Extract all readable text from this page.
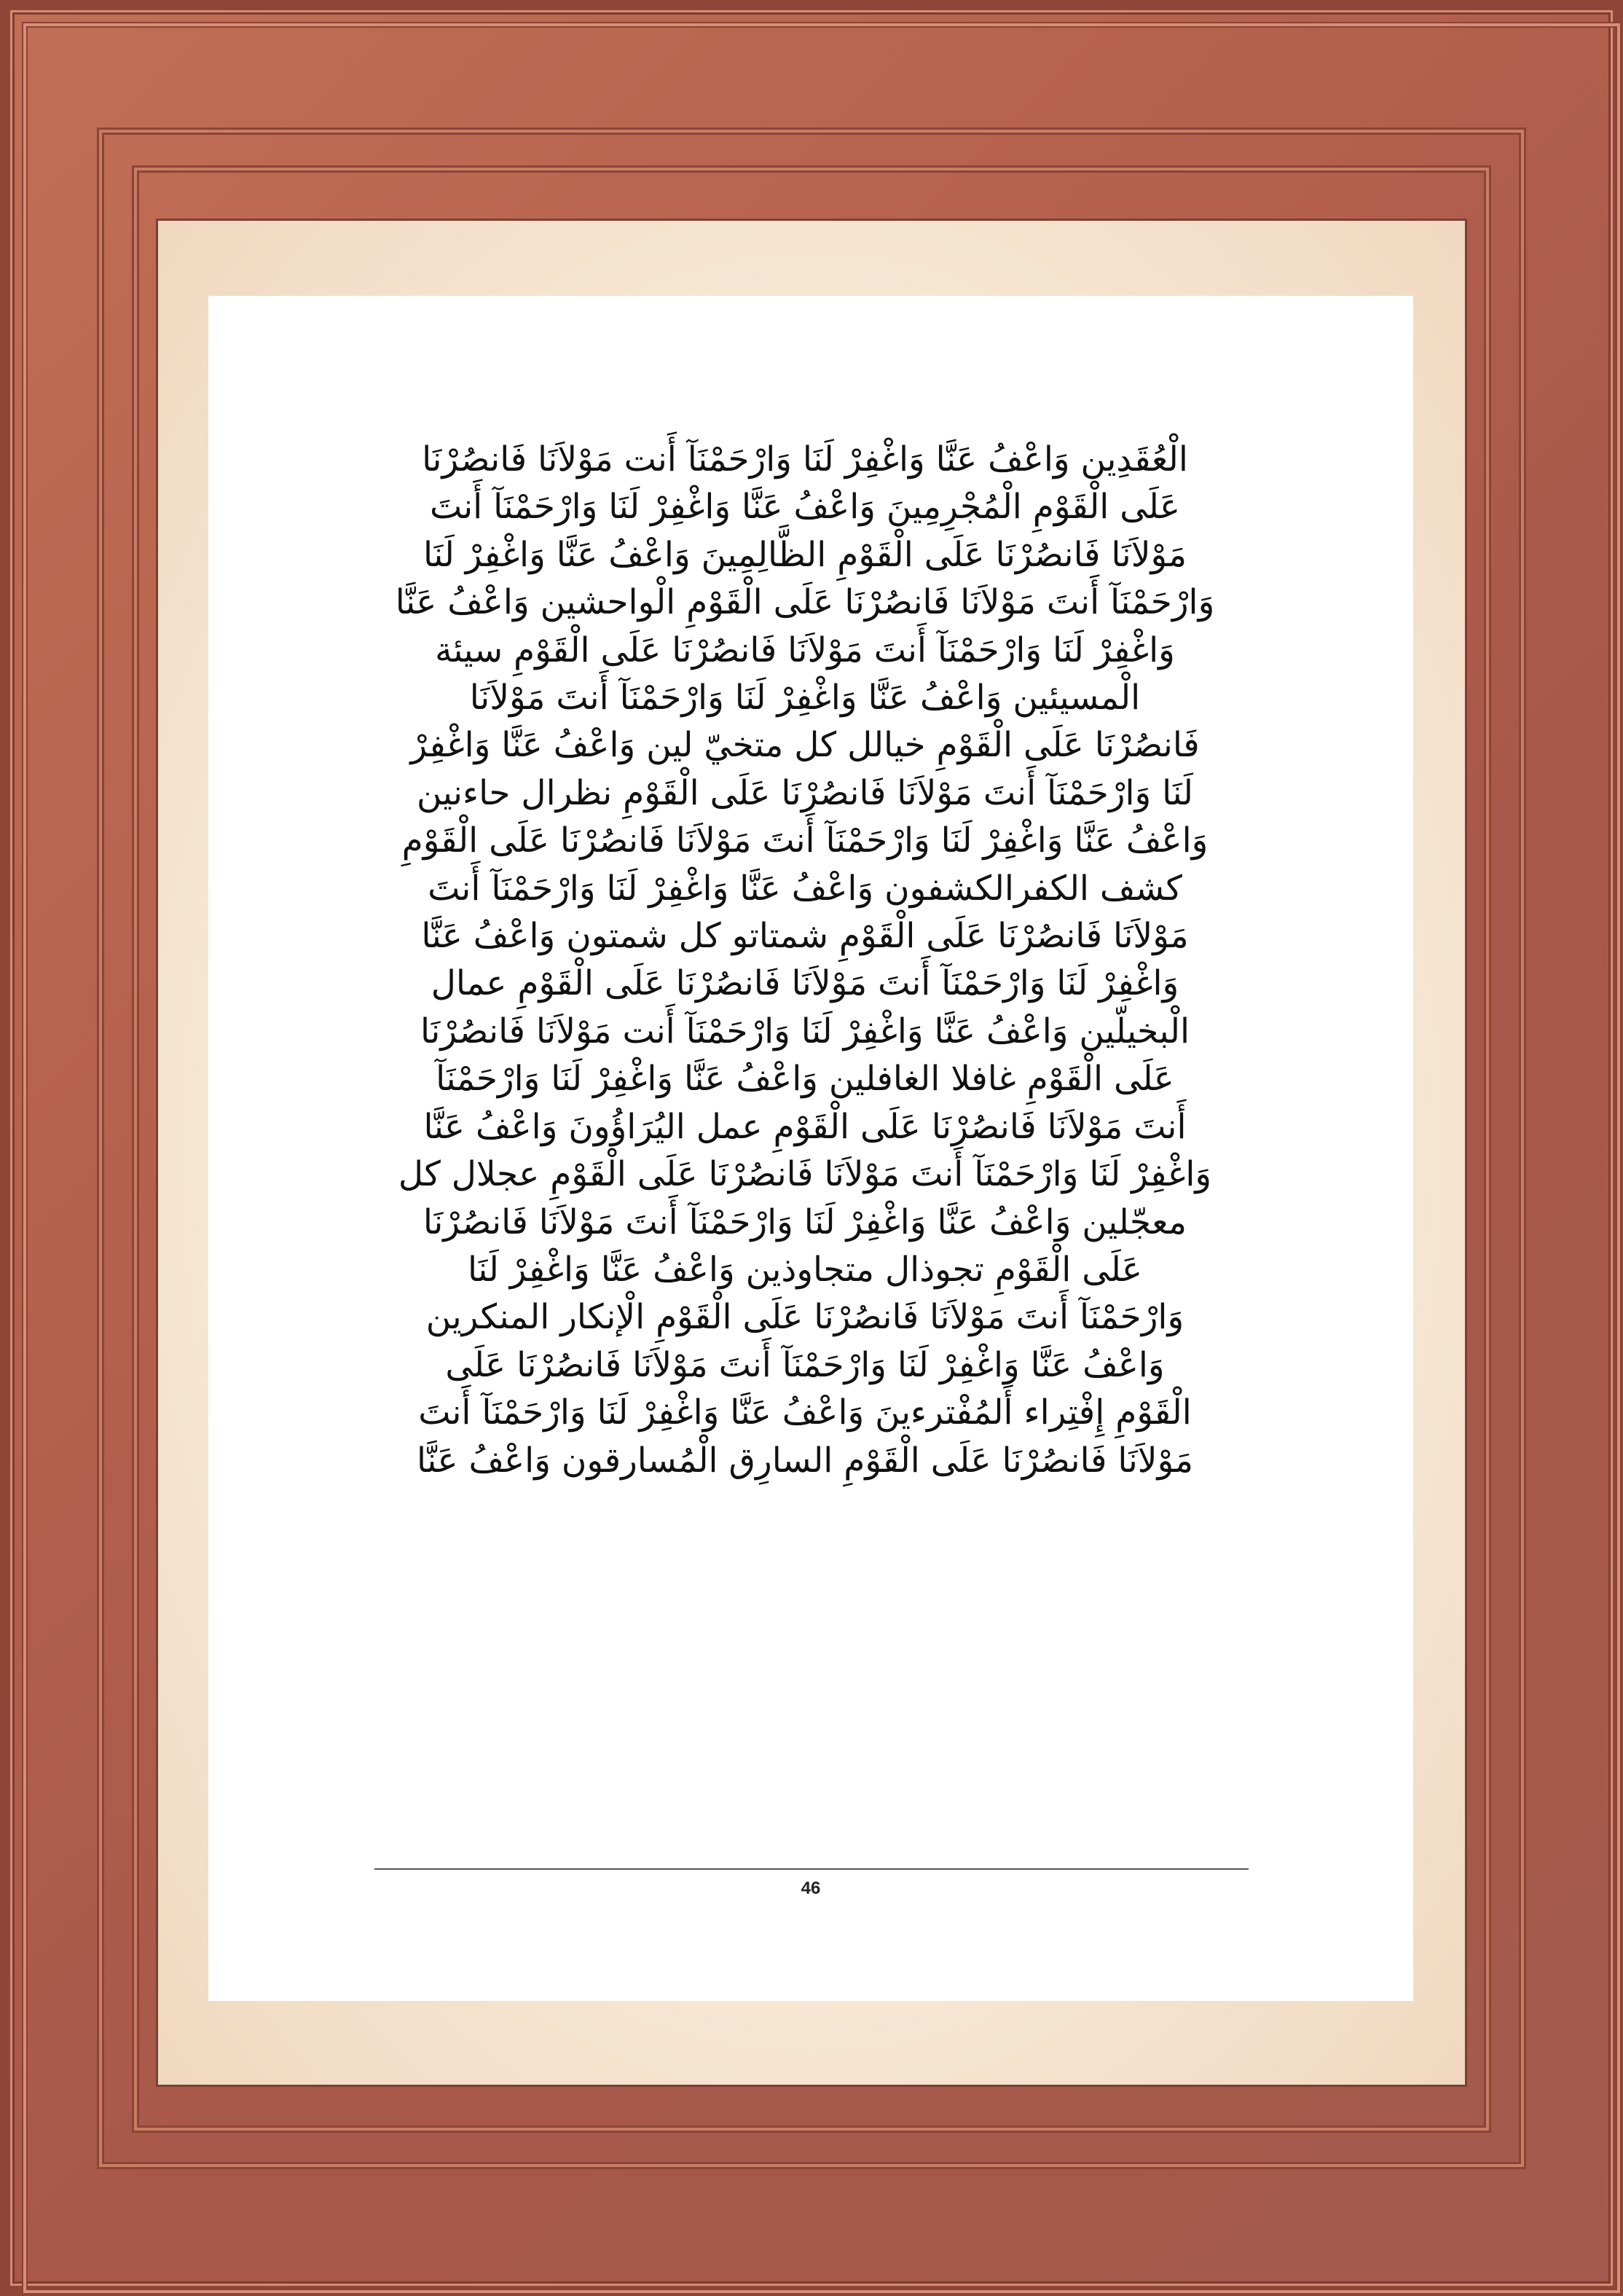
الْعُقَدِين وَاعْفُ عَنَّا وَاغْفِرْ لَنَا وَارْحَمْنَآ أَنت مَوْلاَنَا فَانصُرْنَا
عَلَى الْقَوْمِ الْمُجْرِمِينَ وَاعْفُ عَنَّا وَاغْفِرْ لَنَا وَارْحَمْنَآ أَنتَ
مَوْلاَنَا فَانصُرْنَا عَلَى الْقَوْمِ الظَّالِمِينَ وَاعْفُ عَنَّا وَاغْفِرْ لَنَا
وَارْحَمْنَآ أَنتَ مَوْلاَنَا فَانصُرْنَا عَلَى الْقَوْمِ الْواحشين وَاعْفُ عَنَّا
وَاغْفِرْ لَنَا وَارْحَمْنَآ أَنتَ مَوْلاَنَا فَانصُرْنَا عَلَى الْقَوْمِ سيئة
الْمسيئين وَاعْفُ عَنَّا وَاغْفِرْ لَنَا وَارْحَمْنَآ أَنتَ مَوْلاَنَا
فَانصُرْنَا عَلَى الْقَوْمِ خيالل كل متخيّ لين وَاعْفُ عَنَّا وَاغْفِرْ
لَنَا وَارْحَمْنَآ أَنتَ مَوْلاَنَا فَانصُرْنَا عَلَى الْقَوْمِ نظرال حاءنين
وَاعْفُ عَنَّا وَاغْفِرْ لَنَا وَارْحَمْنَآ أَنتَ مَوْلاَنَا فَانصُرْنَا عَلَى الْقَوْمِ
كشف الكفرالكشفون وَاعْفُ عَنَّا وَاغْفِرْ لَنَا وَارْحَمْنَآ أَنتَ
مَوْلاَنَا فَانصُرْنَا عَلَى الْقَوْمِ شمتاتو كل شمتون وَاعْفُ عَنَّا
وَاغْفِرْ لَنَا وَارْحَمْنَآ أَنتَ مَوْلاَنَا فَانصُرْنَا عَلَى الْقَوْمِ عمال
الْبخيلّين وَاعْفُ عَنَّا وَاغْفِرْ لَنَا وَارْحَمْنَآ أَنت مَوْلاَنَا فَانصُرْنَا
عَلَى الْقَوْمِ غافلا الغافلين وَاعْفُ عَنَّا وَاغْفِرْ لَنَا وَارْحَمْنَآ
أَنتَ مَوْلاَنَا فَانصُرْنَا عَلَى الْقَوْمِ عمل اليُرَاؤُونَ وَاعْفُ عَنَّا
وَاغْفِرْ لَنَا وَارْحَمْنَآ أَنتَ مَوْلاَنَا فَانصُرْنَا عَلَى الْقَوْمِ عجلال كل
معجّلين وَاعْفُ عَنَّا وَاغْفِرْ لَنَا وَارْحَمْنَآ أَنتَ مَوْلاَنَا فَانصُرْنَا
عَلَى الْقَوْمِ تجوذال متجاوذين وَاعْفُ عَنَّا وَاغْفِرْ لَنَا
وَارْحَمْنَآ أَنتَ مَوْلاَنَا فَانصُرْنَا عَلَى الْقَوْمِ الْإنكار المنكرين
وَاعْفُ عَنَّا وَاغْفِرْ لَنَا وَارْحَمْنَآ أَنتَ مَوْلاَنَا فَانصُرْنَا عَلَى
الْقَوْمِ إِفْتِراء أَلمُفْترءينَ وَاعْفُ عَنَّا وَاغْفِرْ لَنَا وَارْحَمْنَآ أَنتَ
مَوْلاَنَا فَانصُرْنَا عَلَى الْقَوْمِ السارِق الْمُسارقون وَاعْفُ عَنَّا
46
